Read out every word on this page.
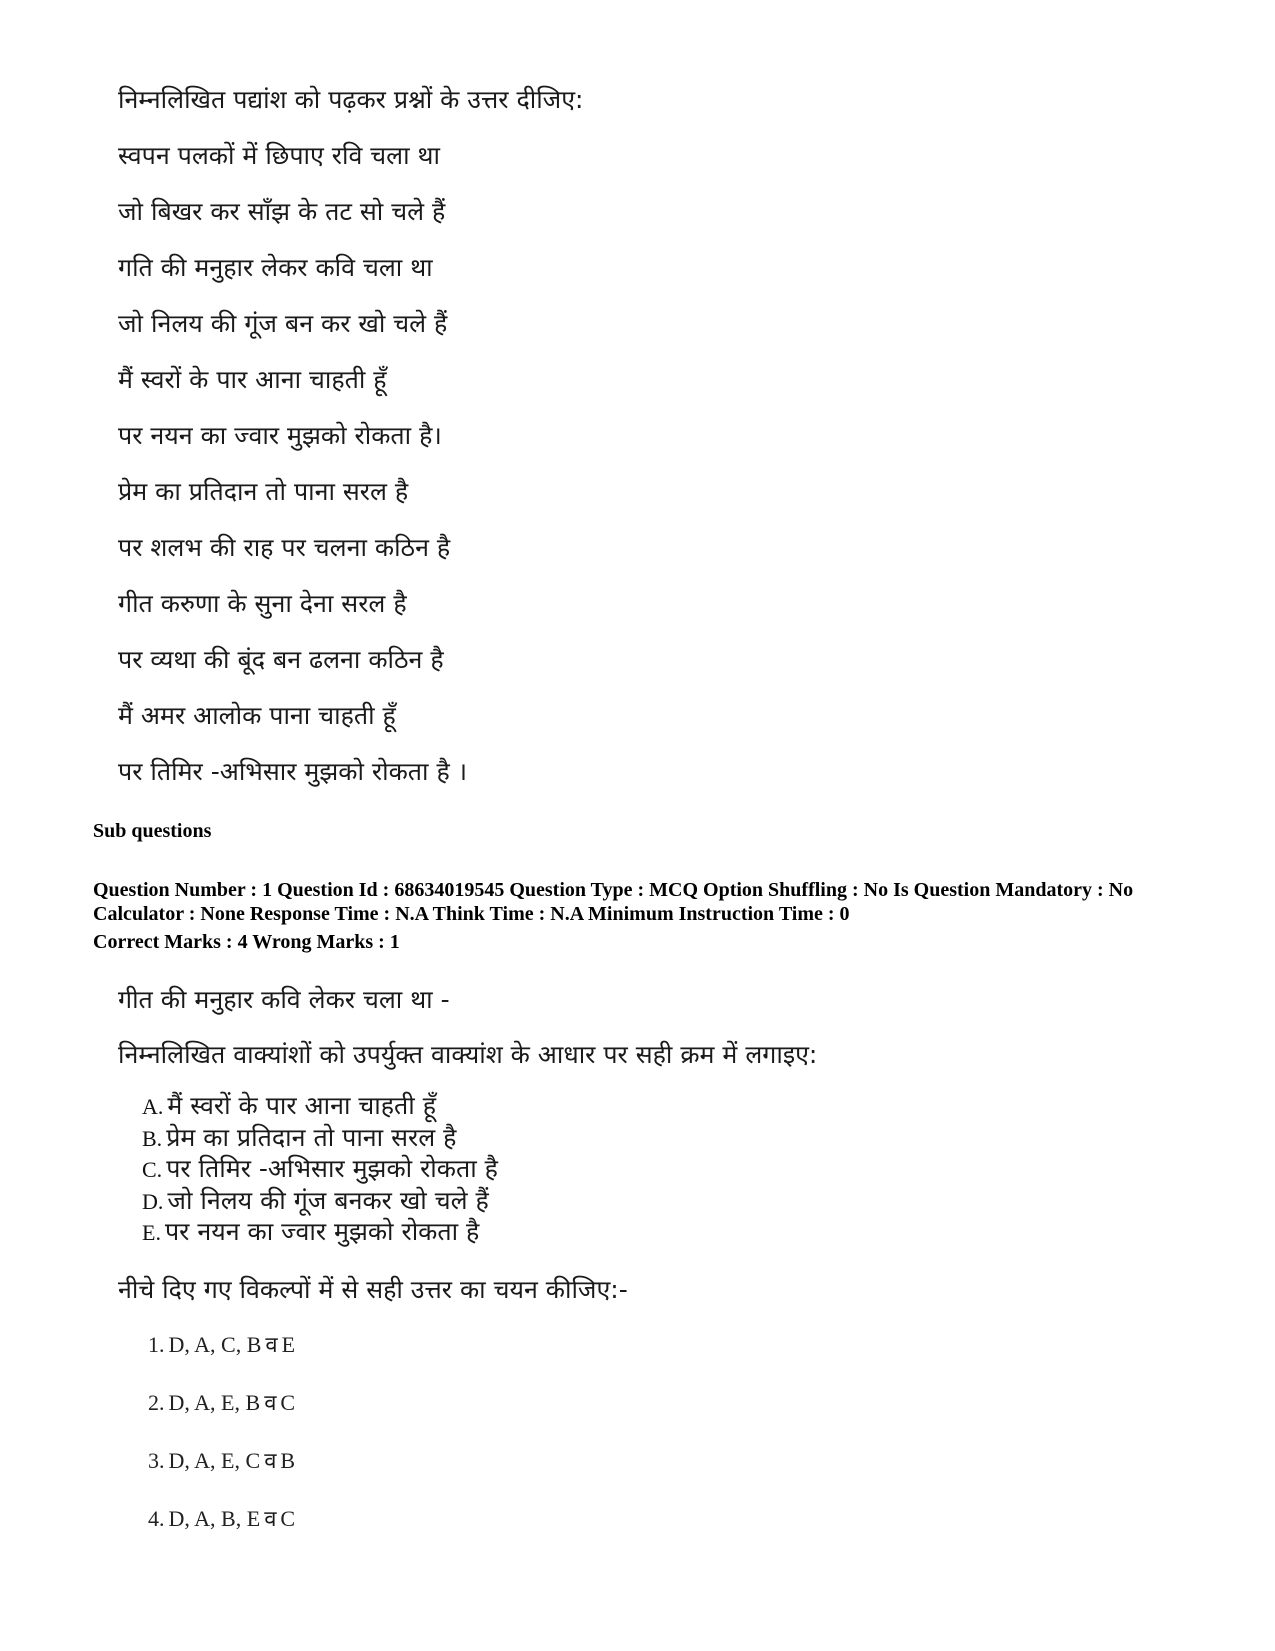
निम्नलिखित पद्यांश को पढ़कर प्रश्नों के उत्तर दीजिए:
स्वपन पलकों में छिपाए रवि चला था
जो बिखर कर साँझ के तट सो चले हैं
गति की मनुहार लेकर कवि चला था
जो निलय की गूंज बन कर खो चले हैं
मैं स्वरों के पार आना चाहती हूँ
पर नयन का ज्वार मुझको रोकता है।
प्रेम का प्रतिदान तो पाना सरल है
पर शलभ की राह पर चलना कठिन है
गीत करुणा के सुना देना सरल है
पर व्यथा की बूंद बन ढलना कठिन है
मैं अमर आलोक पाना चाहती हूँ
पर तिमिर -अभिसार मुझको रोकता है ।
Sub questions
Question Number : 1 Question Id : 68634019545 Question Type : MCQ Option Shuffling : No Is Question Mandatory : No Calculator : None Response Time : N.A Think Time : N.A Minimum Instruction Time : 0
Correct Marks : 4 Wrong Marks : 1
गीत की मनुहार कवि लेकर चला था -
निम्नलिखित वाक्यांशों को उपर्युक्त वाक्यांश के आधार पर सही क्रम में लगाइए:
A. मैं स्वरों के पार आना चाहती हूँ
B. प्रेम का प्रतिदान तो पाना सरल है
C. पर तिमिर -अभिसार मुझको रोकता है
D. जो निलय की गूंज बनकर खो चले हैं
E. पर नयन का ज्वार मुझको रोकता है
नीचे दिए गए विकल्पों में से सही उत्तर का चयन कीजिए:-
1. D, A, C, B व E
2. D, A, E, B व C
3. D, A, E, C व B
4. D, A, B, E व C
